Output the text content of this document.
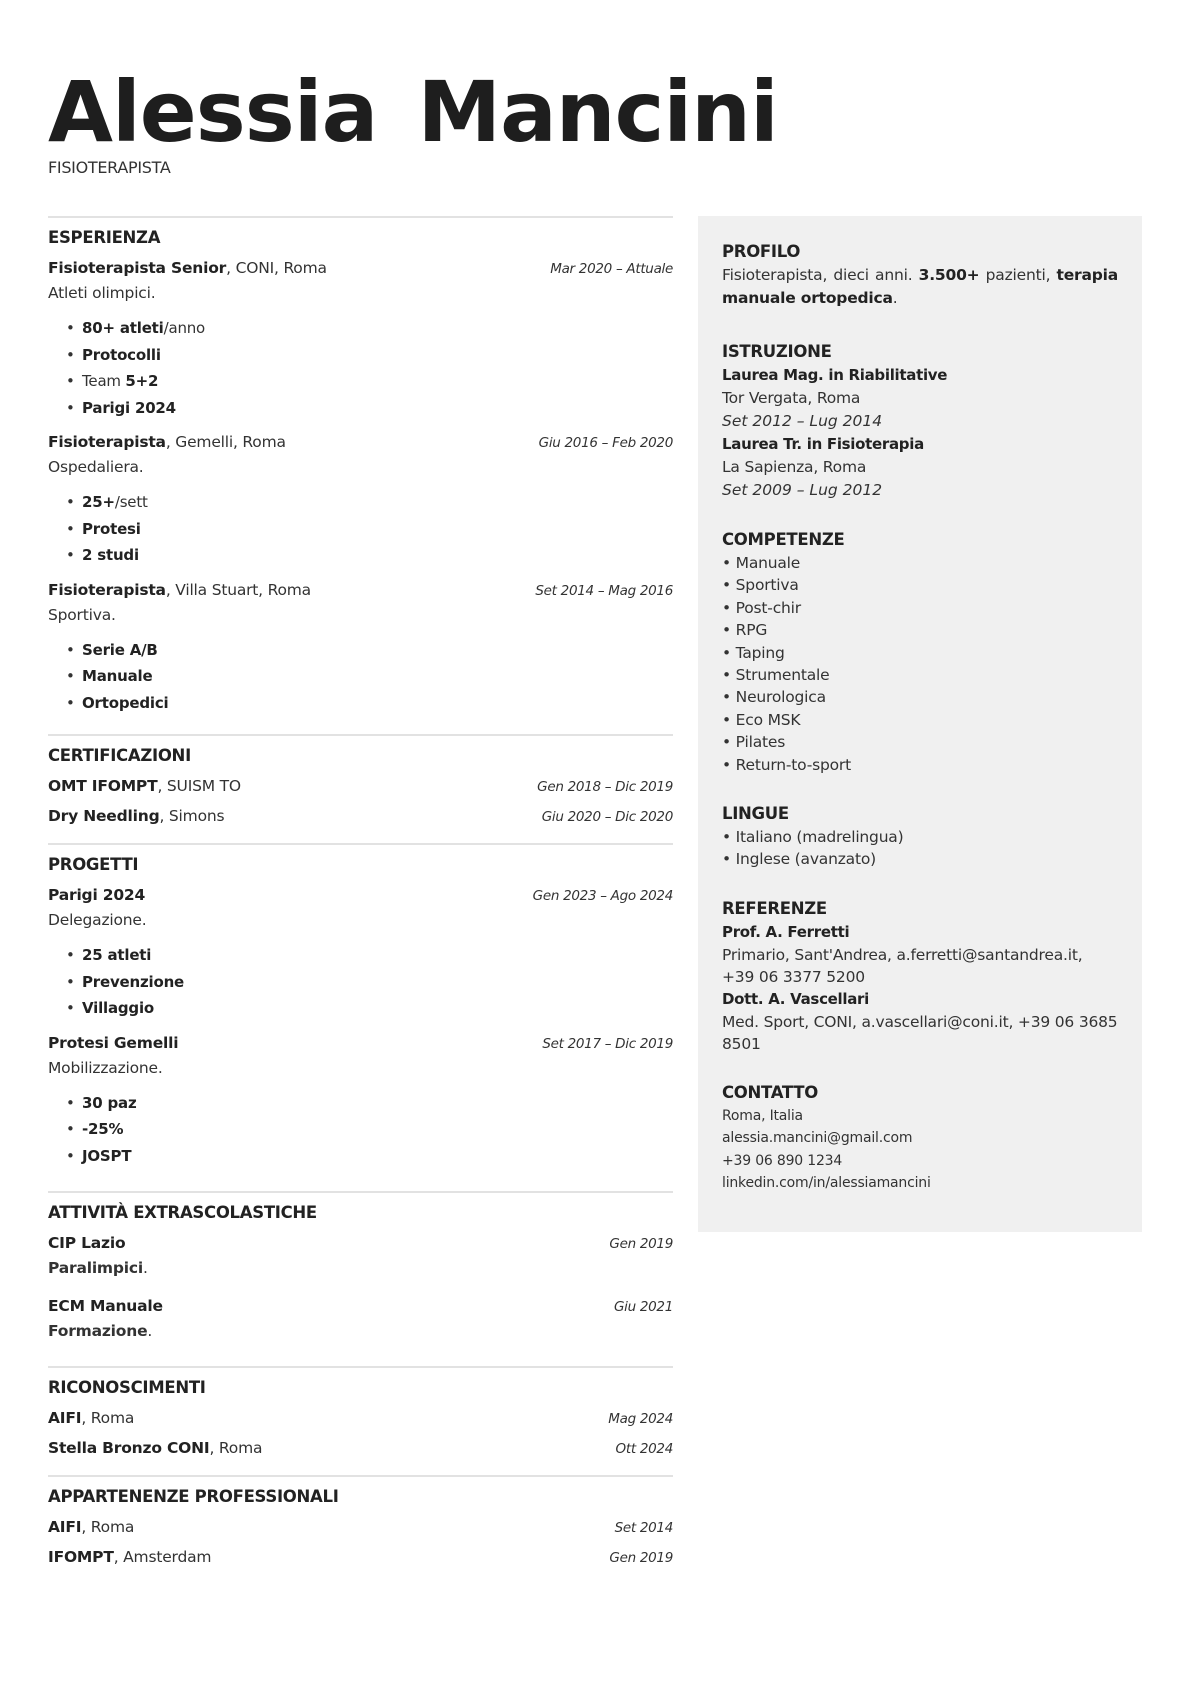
Alessia Mancini
FISIOTERAPISTA
ESPERIENZA
Fisioterapista Senior, CONI, Roma	Mar 2020 – Attuale
Atleti olimpici.
• 80+ atleti/anno
• Protocolli
• Team 5+2
• Parigi 2024
Fisioterapista, Gemelli, Roma	Giu 2016 – Feb 2020
Ospedaliera.
• 25+/sett
• Protesi
• 2 studi
Fisioterapista, Villa Stuart, Roma	Set 2014 – Mag 2016
Sportiva.
• Serie A/B
• Manuale
• Ortopedici
CERTIFICAZIONI
OMT IFOMPT, SUISM TO	Gen 2018 – Dic 2019
Dry Needling, Simons	Giu 2020 – Dic 2020
PROGETTI
Parigi 2024	Gen 2023 – Ago 2024
Delegazione.
• 25 atleti
• Prevenzione
• Villaggio
Protesi Gemelli	Set 2017 – Dic 2019
Mobilizzazione.
• 30 paz
• -25%
• JOSPT
ATTIVITÀ EXTRASCOLASTICHE
CIP Lazio	Gen 2019
Paralimpici.
ECM Manuale	Giu 2021
Formazione.
RICONOSCIMENTI
AIFI, Roma	Mag 2024
Stella Bronzo CONI, Roma	Ott 2024
APPARTENENZE PROFESSIONALI
AIFI, Roma	Set 2014
IFOMPT, Amsterdam	Gen 2019
PROFILO
Fisioterapista, dieci anni. 3.500+ pazienti, terapia manuale ortopedica.
ISTRUZIONE
Laurea Mag. in Riabilitative
Tor Vergata, Roma
Set 2012 – Lug 2014
Laurea Tr. in Fisioterapia
La Sapienza, Roma
Set 2009 – Lug 2012
COMPETENZE
• Manuale
• Sportiva
• Post-chir
• RPG
• Taping
• Strumentale
• Neurologica
• Eco MSK
• Pilates
• Return-to-sport
LINGUE
• Italiano (madrelingua)
• Inglese (avanzato)
REFERENZE
Prof. A. Ferretti
Primario, Sant'Andrea, a.ferretti@santandrea.it, +39 06 3377 5200
Dott. A. Vascellari
Med. Sport, CONI, a.vascellari@coni.it, +39 06 3685 8501
CONTATTO
Roma, Italia
alessia.mancini@gmail.com
+39 06 890 1234
linkedin.com/in/alessiamancini
